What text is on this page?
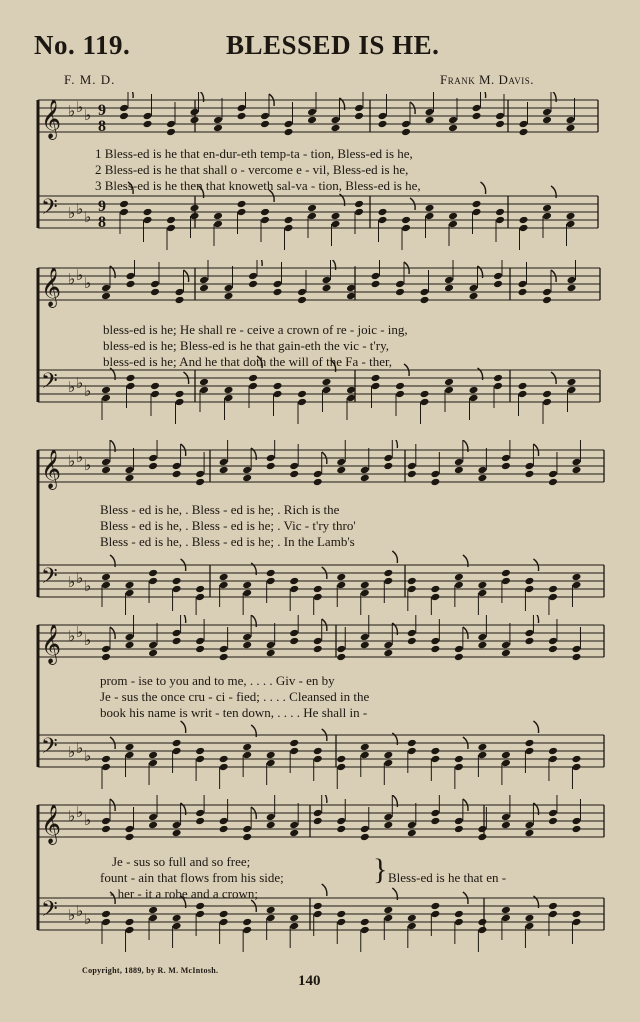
No. 119.	BLESSED IS HE.
F. M. D.	Frank M. Davis.
𝄞 ♭ ♭ ♭ 9
8
𝄢 ♭ ♭ ♭
9
8
1 Bless-ed is he that en-dur-eth temp-ta - tion, Bless-ed is he,
2 Bless-ed is he that shall o - vercome e - vil, Bless-ed is he,
3 Bless-ed is he then that knoweth sal-va - tion, Bless-ed is he,
𝄞 ♭ ♭ ♭
𝄢 ♭ ♭ ♭
bless-ed is he; He shall re - ceive a crown of re - joic - ing,
bless-ed is he; Bless-ed is he that gain-eth the vic - t'ry,
bless-ed is he; And he that doth the will of the Fa - ther,
𝄞 ♭ ♭ ♭
𝄢 ♭ ♭ ♭
Bless - ed is he, . Bless - ed is he; . Rich is the
Bless - ed is he, . Bless - ed is he; . Vic - t'ry thro'
Bless - ed is he, . Bless - ed is he; . In the Lamb's
𝄞 ♭ ♭ ♭
𝄢 ♭ ♭ ♭
prom - ise to you and to me, . . . . Giv - en by
Je - sus the once cru - ci - fied; . . . . Cleansed in the
book his name is writ - ten down, . . . . He shall in -
𝄞 ♭ ♭ ♭
𝄢 ♭ ♭ ♭
Je - sus so full and so free;
fount - ain that flows from his side;
- her - it a robe and a crown;
} Bless-ed is he that en -
Copyright, 1889, by R. M. McIntosh.
140
